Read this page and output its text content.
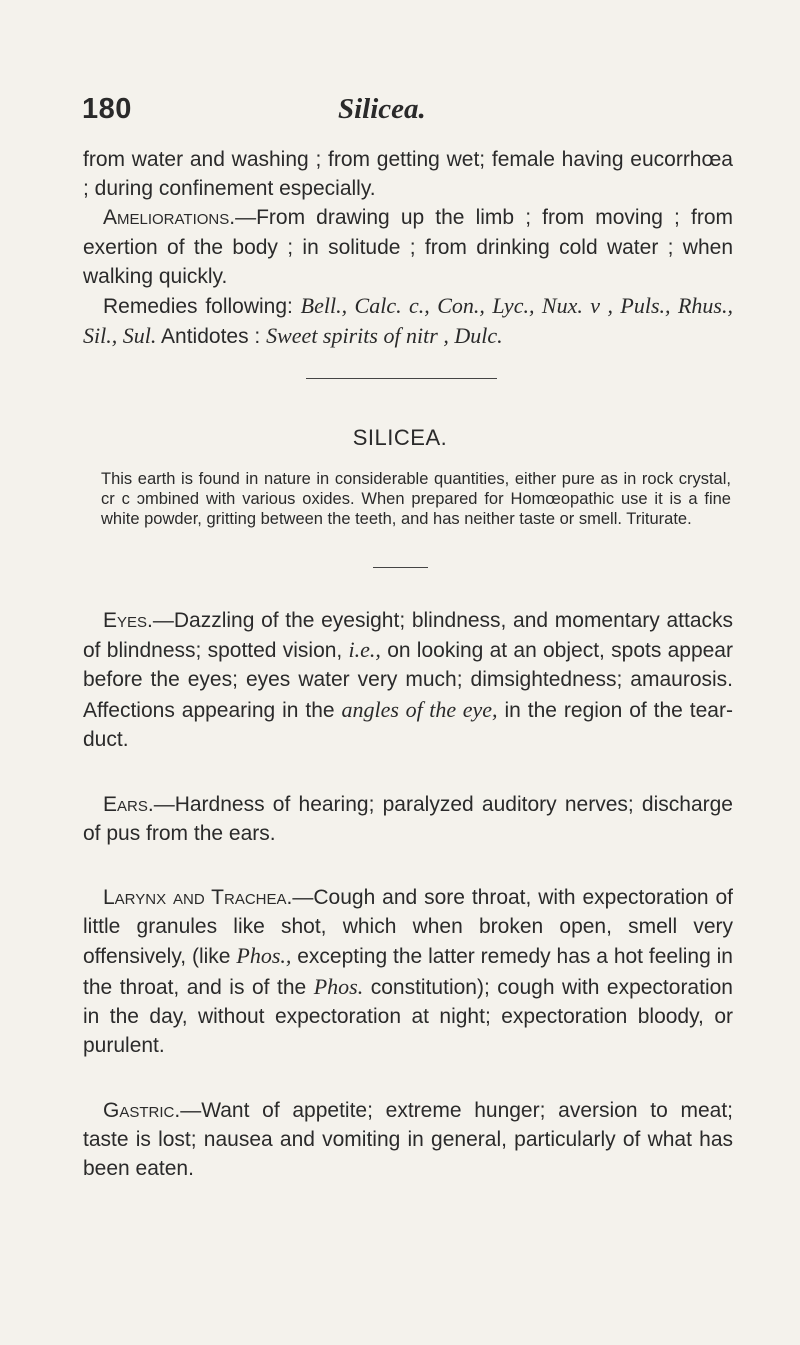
180	Silicea.

from water and washing ; from getting wet; female having eucorrhœa ; during confinement especially.

Ameliorations.—From drawing up the limb ; from moving ; from exertion of the body ; in solitude ; from drinking cold water ; when walking quickly.

Remedies following: Bell., Calc. c., Con., Lyc., Nux. v , Puls., Rhus., Sil., Sul. Antidotes : Sweet spirits of nitr , Dulc.

SILICEA.
This earth is found in nature in considerable quantities, either pure as in rock crystal, cr c ɔmbined with various oxides. When prepared for Homœopathic use it is a fine white powder, gritting between the teeth, and has neither taste or smell. Triturate.

Eyes.—Dazzling of the eyesight; blindness, and momentary attacks of blindness; spotted vision, i.e., on looking at an object, spots appear before the eyes; eyes water very much; dimsightedness; amaurosis. Affections appearing in the angles of the eye, in the region of the tear-duct.

Ears.—Hardness of hearing; paralyzed auditory nerves; discharge of pus from the ears.

Larynx and Trachea.—Cough and sore throat, with expectoration of little granules like shot, which when broken open, smell very offensively, (like Phos., excepting the latter remedy has a hot feeling in the throat, and is of the Phos. constitution); cough with expectoration in the day, without expectoration at night; expectoration bloody, or purulent.

Gastric.—Want of appetite; extreme hunger; aversion to meat; taste is lost; nausea and vomiting in general, particularly of what has been eaten.
